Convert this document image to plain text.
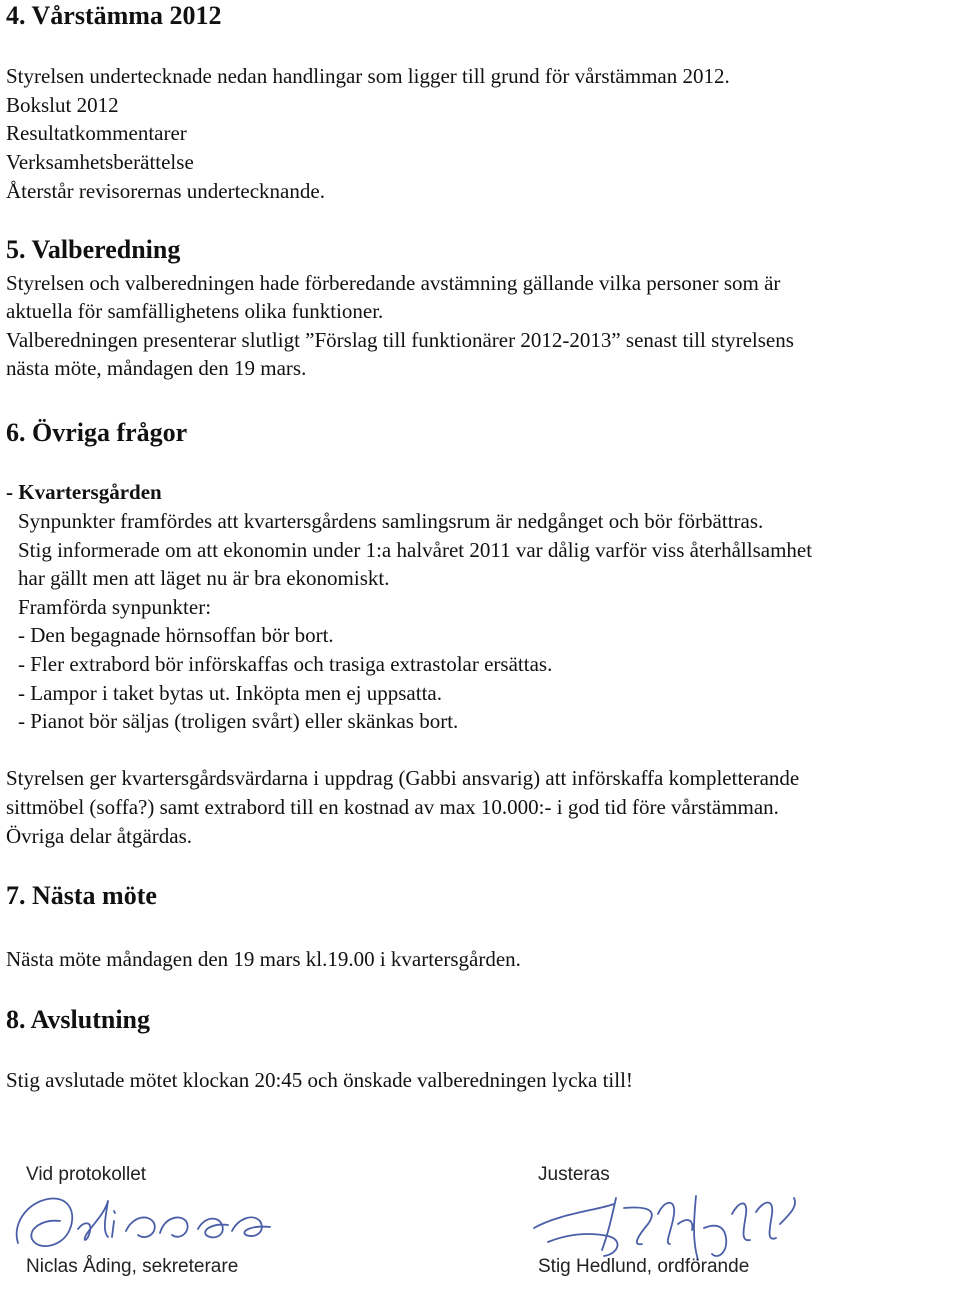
4. Vårstämma 2012
Styrelsen undertecknade nedan handlingar som ligger till grund för vårstämman 2012.
Bokslut 2012
Resultatkommentarer
Verksamhetsberättelse
Återstår revisorernas undertecknande.
5. Valberedning
Styrelsen och valberedningen hade förberedande avstämning gällande vilka personer som är
aktuella för samfällighetens olika funktioner.
Valberedningen presenterar slutligt ”Förslag till funktionärer 2012-2013” senast till styrelsens
nästa möte, måndagen den 19 mars.
6. Övriga frågor
- Kvartersgården
Synpunkter framfördes att kvartersgårdens samlingsrum är nedgånget och bör förbättras.
Stig informerade om att ekonomin under 1:a halvåret 2011 var dålig varför viss återhållsamhet
har gällt men att läget nu är bra ekonomiskt.
Framförda synpunkter:
- Den begagnade hörnsoffan bör bort.
- Fler extrabord bör införskaffas och trasiga extrastolar ersättas.
- Lampor i taket bytas ut. Inköpta men ej uppsatta.
- Pianot bör säljas (troligen svårt) eller skänkas bort.
Styrelsen ger kvartersgårdsvärdarna i uppdrag (Gabbi ansvarig) att införskaffa kompletterande
sittmöbel (soffa?) samt extrabord till en kostnad av max 10.000:- i god tid före vårstämman.
Övriga delar åtgärdas.
7. Nästa möte
Nästa möte måndagen den 19 mars kl.19.00 i kvartersgården.
8. Avslutning
Stig avslutade mötet klockan 20:45 och önskade valberedningen lycka till!
Vid protokollet
Niclas Åding, sekreterare
Justeras
Stig Hedlund, ordförande
